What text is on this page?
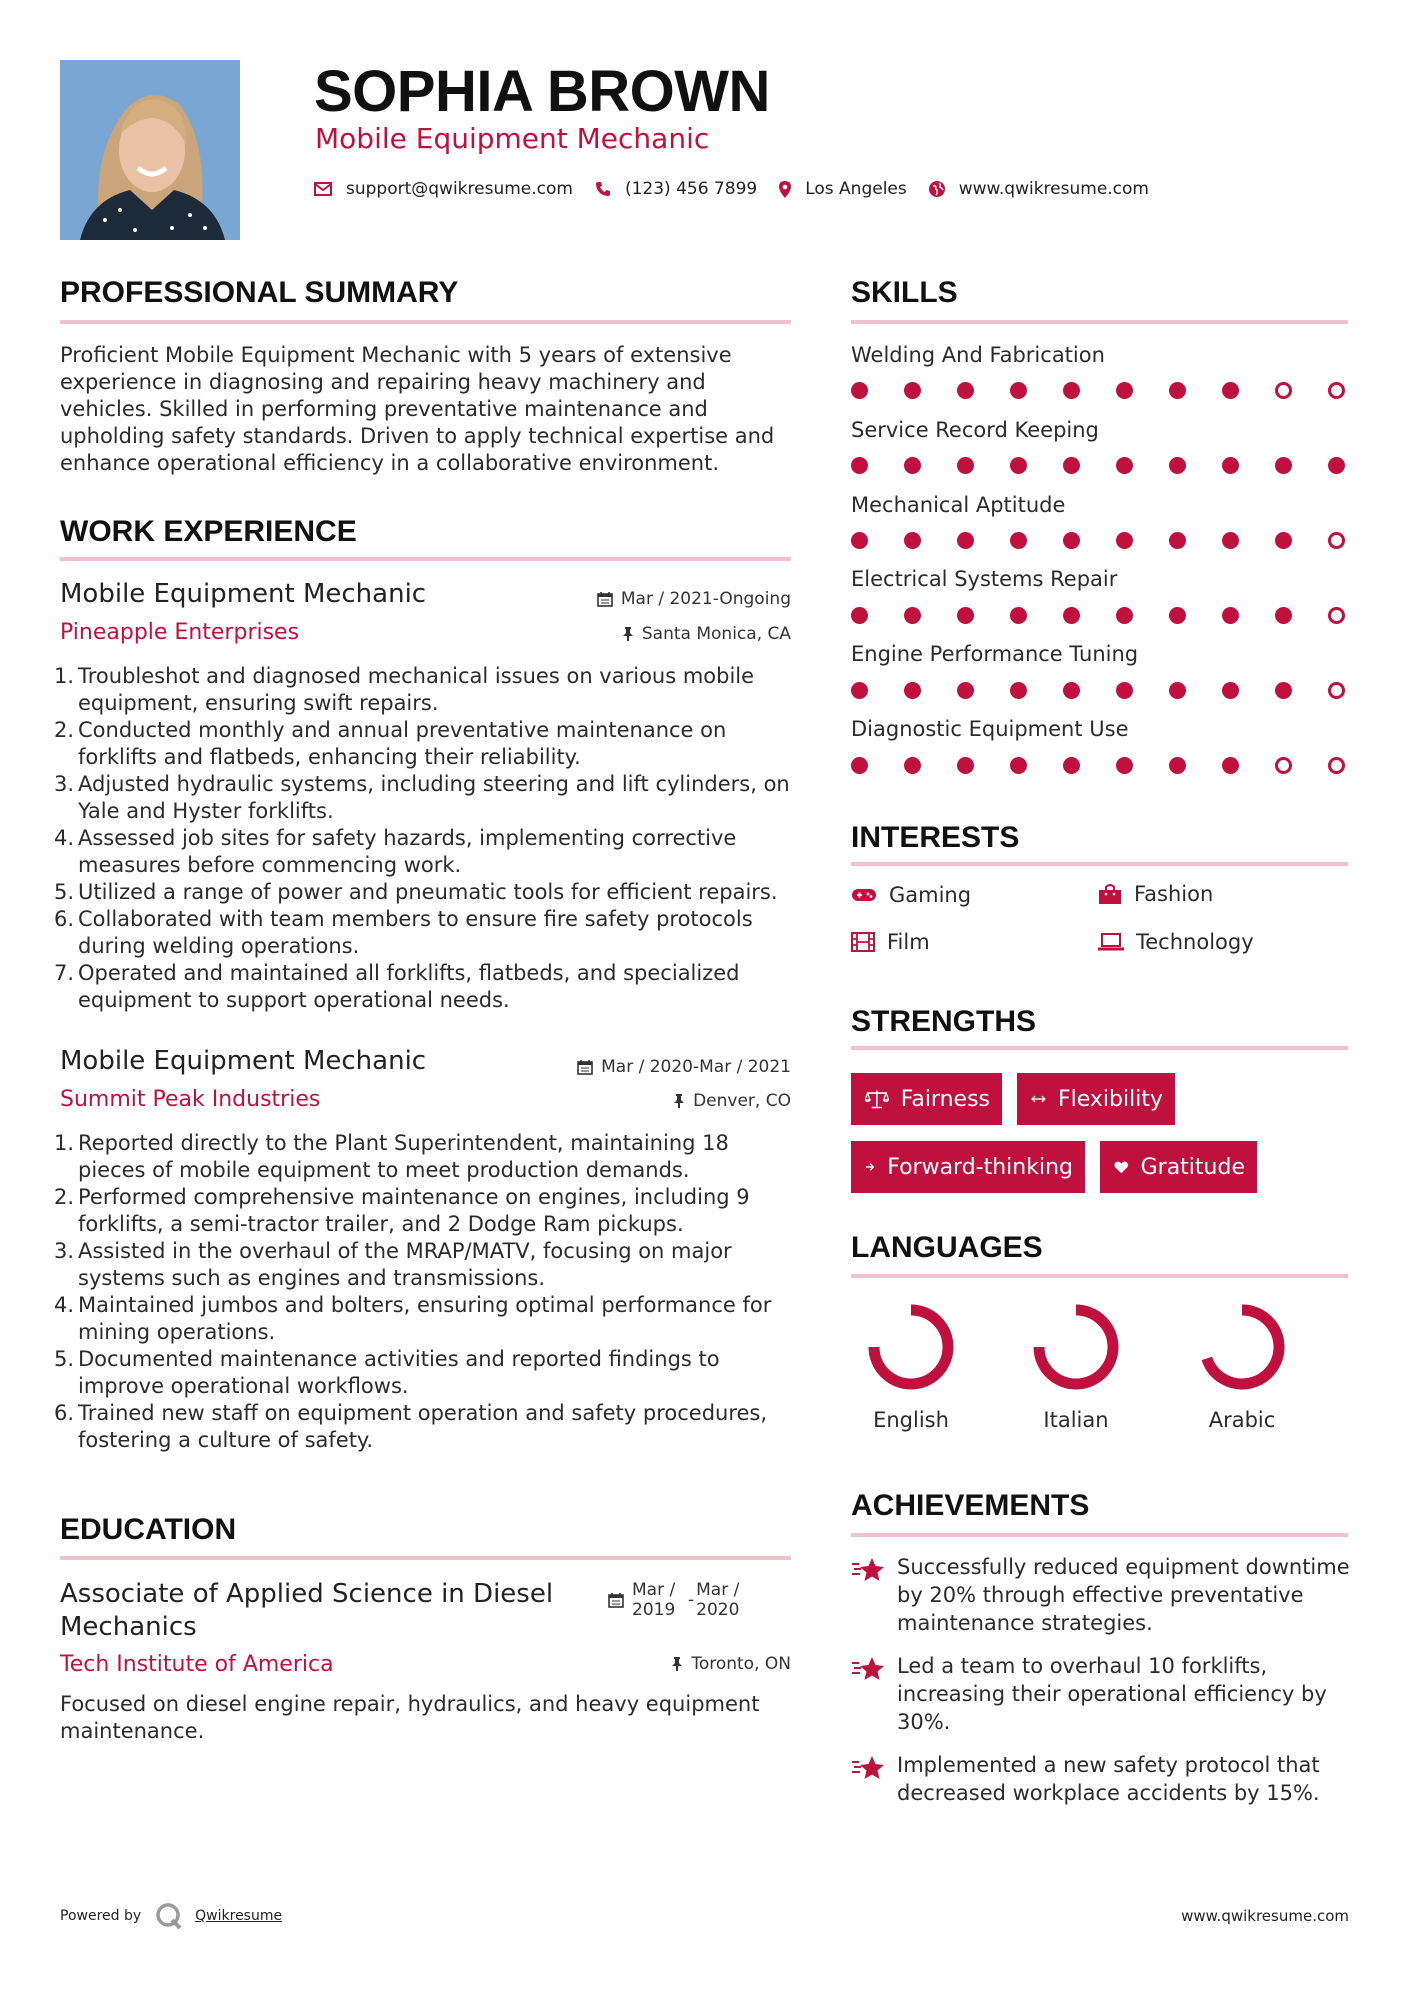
SOPHIA BROWN
Mobile Equipment Mechanic
support@qwikresume.com	(123) 456 7899	Los Angeles	www.qwikresume.com
PROFESSIONAL SUMMARY
Proficient Mobile Equipment Mechanic with 5 years of extensive experience in diagnosing and repairing heavy machinery and vehicles. Skilled in performing preventative maintenance and upholding safety standards. Driven to apply technical expertise and enhance operational efficiency in a collaborative environment.
WORK EXPERIENCE
Mobile Equipment Mechanic
Pineapple Enterprises
Mar / 2021-Ongoing
Santa Monica, CA
1. Troubleshot and diagnosed mechanical issues on various mobile equipment, ensuring swift repairs.
2. Conducted monthly and annual preventative maintenance on forklifts and flatbeds, enhancing their reliability.
3. Adjusted hydraulic systems, including steering and lift cylinders, on Yale and Hyster forklifts.
4. Assessed job sites for safety hazards, implementing corrective measures before commencing work.
5. Utilized a range of power and pneumatic tools for efficient repairs.
6. Collaborated with team members to ensure fire safety protocols during welding operations.
7. Operated and maintained all forklifts, flatbeds, and specialized equipment to support operational needs.
Mobile Equipment Mechanic
Summit Peak Industries
Mar / 2020-Mar / 2021
Denver, CO
1. Reported directly to the Plant Superintendent, maintaining 18 pieces of mobile equipment to meet production demands.
2. Performed comprehensive maintenance on engines, including 9 forklifts, a semi-tractor trailer, and 2 Dodge Ram pickups.
3. Assisted in the overhaul of the MRAP/MATV, focusing on major systems such as engines and transmissions.
4. Maintained jumbos and bolters, ensuring optimal performance for mining operations.
5. Documented maintenance activities and reported findings to improve operational workflows.
6. Trained new staff on equipment operation and safety procedures, fostering a culture of safety.
EDUCATION
Associate of Applied Science in Diesel Mechanics
Mar / 2019 - Mar / 2020
Tech Institute of America	Toronto, ON
Focused on diesel engine repair, hydraulics, and heavy equipment maintenance.
SKILLS
Welding And Fabrication
Service Record Keeping
Mechanical Aptitude
Electrical Systems Repair
Engine Performance Tuning
Diagnostic Equipment Use
INTERESTS
Gaming	Fashion
Film	Technology
STRENGTHS
Fairness	Flexibility
Forward-thinking	Gratitude
LANGUAGES
English	Italian	Arabic
ACHIEVEMENTS
Successfully reduced equipment downtime by 20% through effective preventative maintenance strategies.
Led a team to overhaul 10 forklifts, increasing their operational efficiency by 30%.
Implemented a new safety protocol that decreased workplace accidents by 15%.
Powered by	Qwikresume	www.qwikresume.com
